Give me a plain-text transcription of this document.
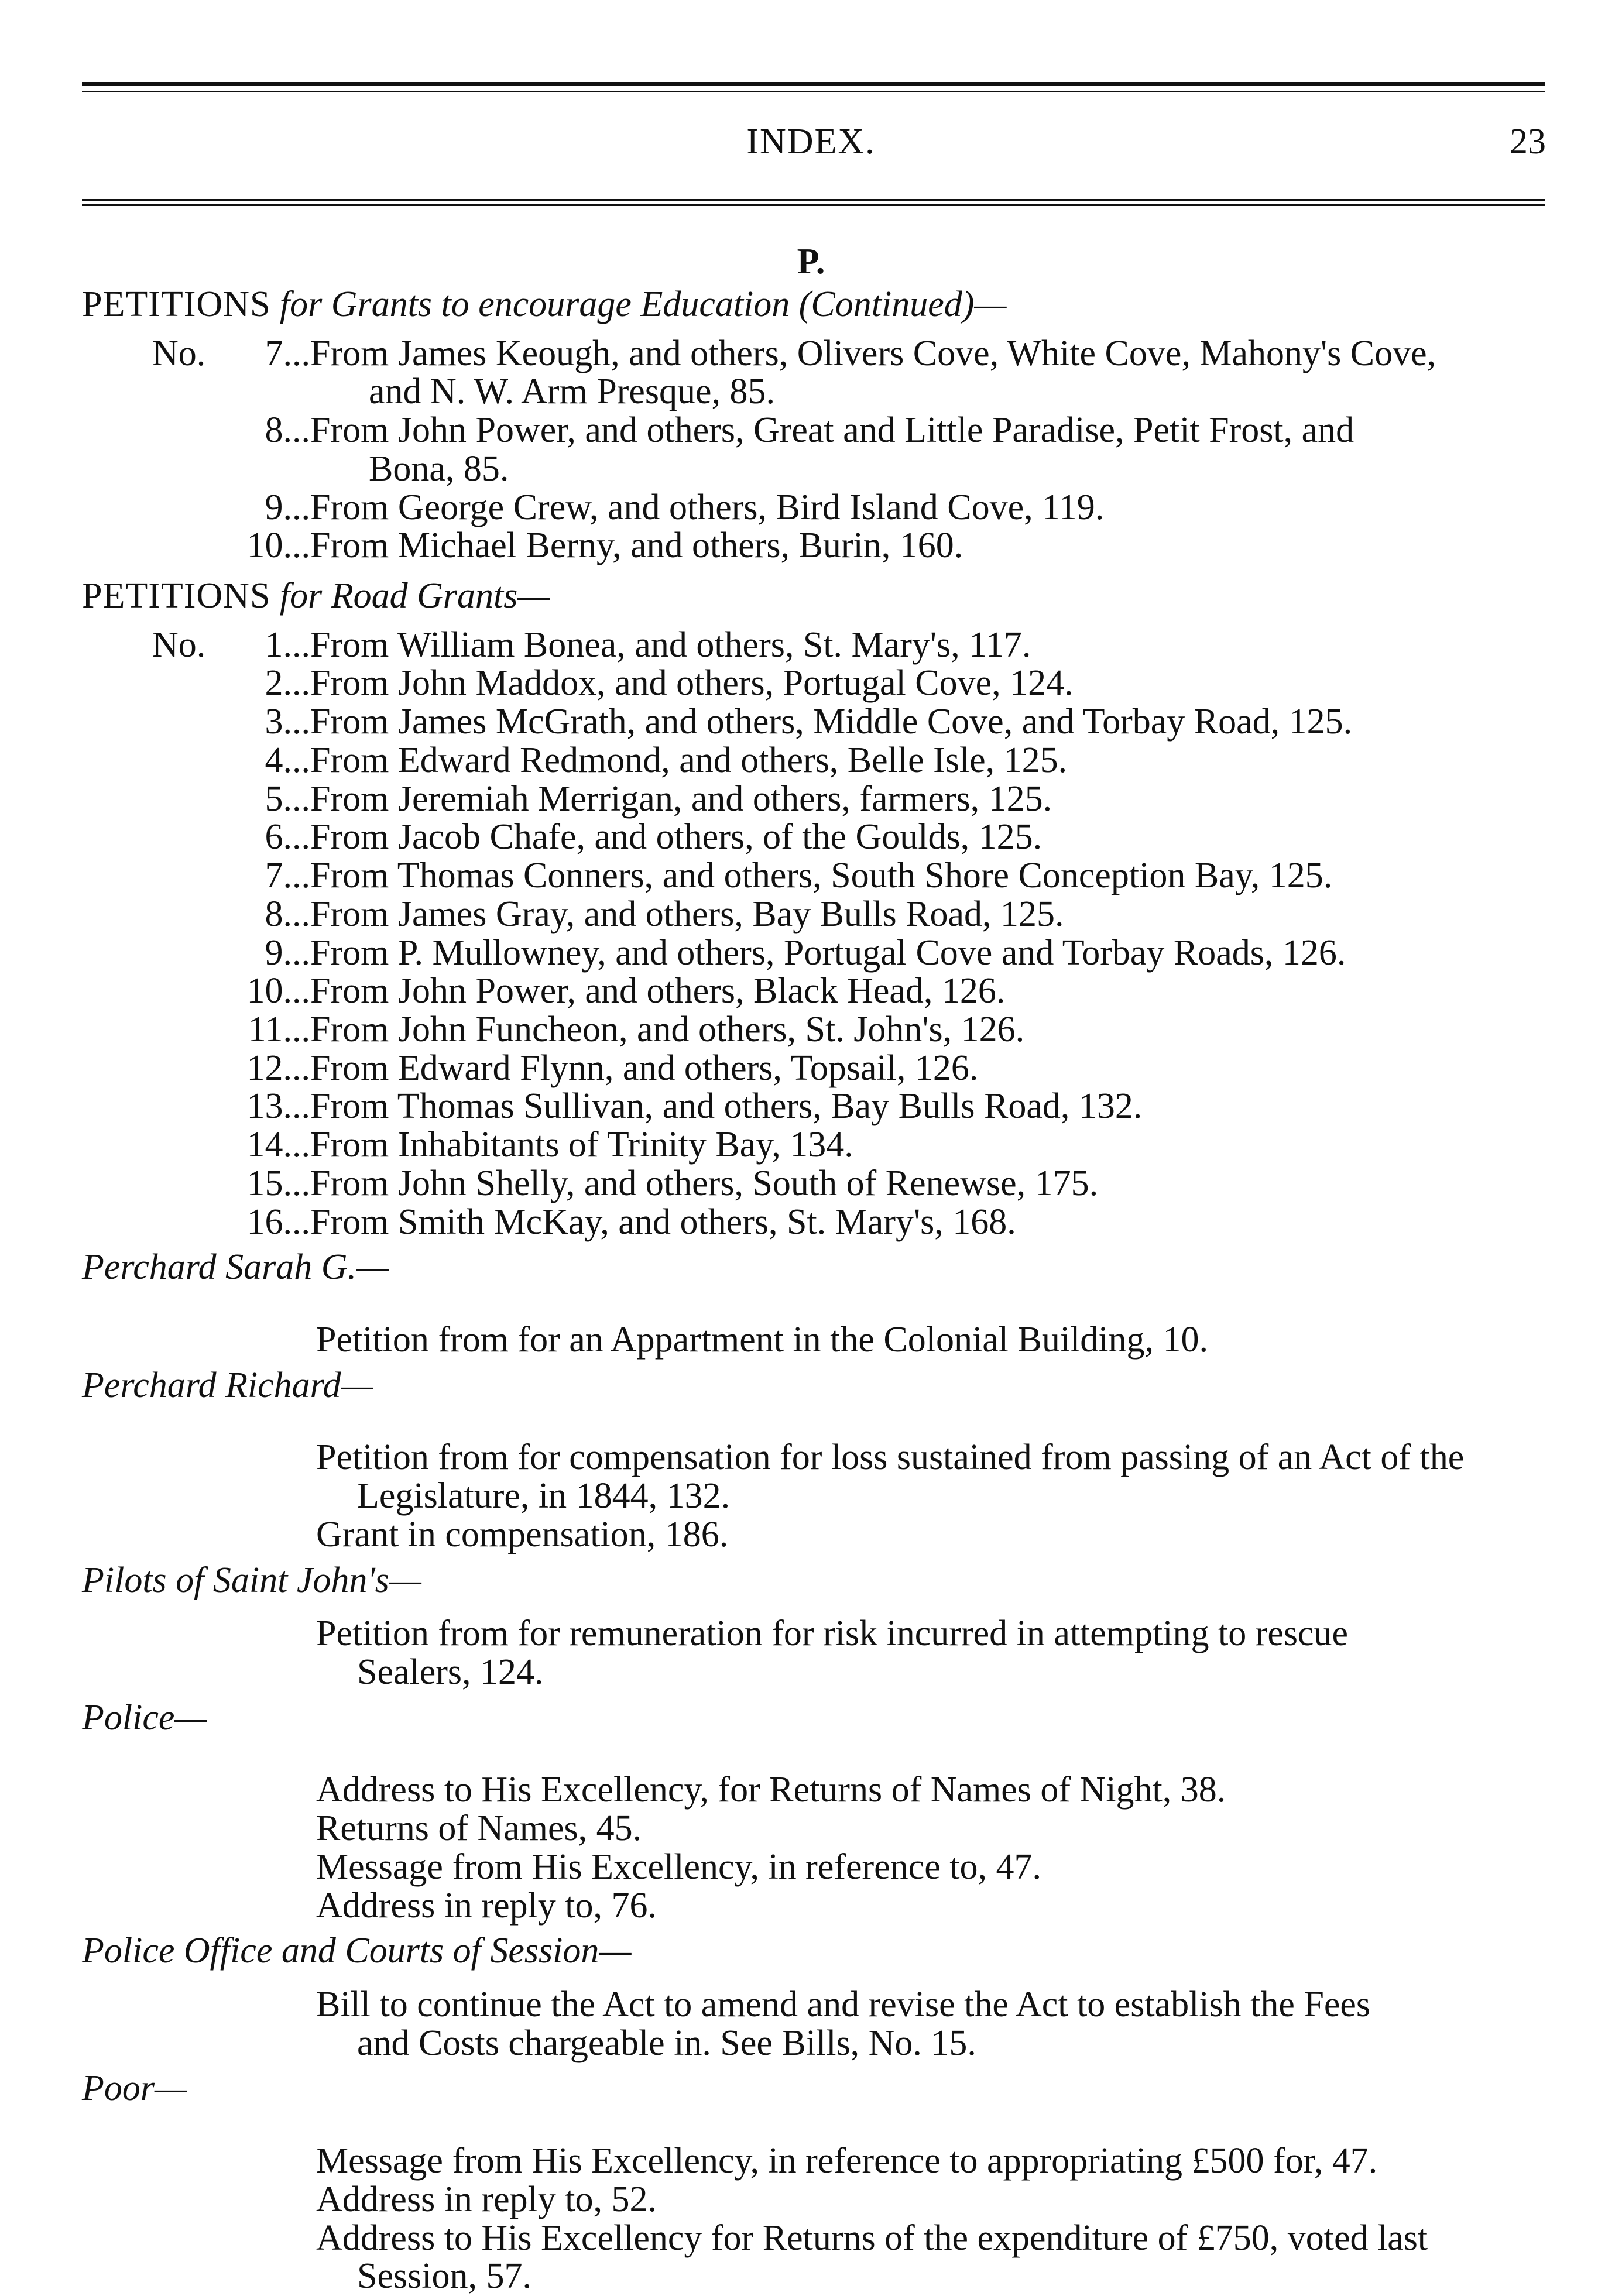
INDEX.	23
P.
PETITIONS for Grants to encourage Education (Continued)—
No.	7... From James Keough, and others, Olivers Cove, White Cove, Mahony's Cove,
and N. W. Arm Presque, 85.
8... From John Power, and others, Great and Little Paradise, Petit Frost, and
Bona, 85.
9... From George Crew, and others, Bird Island Cove, 119.
10... From Michael Berny, and others, Burin, 160.
PETITIONS for Road Grants—
No.	1... From William Bonea, and others, St. Mary's, 117.
2... From John Maddox, and others, Portugal Cove, 124.
3... From James McGrath, and others, Middle Cove, and Torbay Road, 125.
4... From Edward Redmond, and others, Belle Isle, 125.
5... From Jeremiah Merrigan, and others, farmers, 125.
6... From Jacob Chafe, and others, of the Goulds, 125.
7... From Thomas Conners, and others, South Shore Conception Bay, 125.
8... From James Gray, and others, Bay Bulls Road, 125.
9... From P. Mullowney, and others, Portugal Cove and Torbay Roads, 126.
10... From John Power, and others, Black Head, 126.
11... From John Funcheon, and others, St. John's, 126.
12... From Edward Flynn, and others, Topsail, 126.
13... From Thomas Sullivan, and others, Bay Bulls Road, 132.
14... From Inhabitants of Trinity Bay, 134.
15... From John Shelly, and others, South of Renewse, 175.
16... From Smith McKay, and others, St. Mary's, 168.
Perchard Sarah G.—
Petition from for an Appartment in the Colonial Building, 10.
Perchard Richard—
Petition from for compensation for loss sustained from passing of an Act of the
Legislature, in 1844, 132.
Grant in compensation, 186.
Pilots of Saint John's—
Petition from for remuneration for risk incurred in attempting to rescue
Sealers, 124.
Police—
Address to His Excellency, for Returns of Names of Night, 38.
Returns of Names, 45.
Message from His Excellency, in reference to, 47.
Address in reply to, 76.
Police Office and Courts of Session—
Bill to continue the Act to amend and revise the Act to establish the Fees
and Costs chargeable in. See Bills, No. 15.
Poor—
Message from His Excellency, in reference to appropriating £500 for, 47.
Address in reply to, 52.
Address to His Excellency for Returns of the expenditure of £750, voted last
Session, 57.
